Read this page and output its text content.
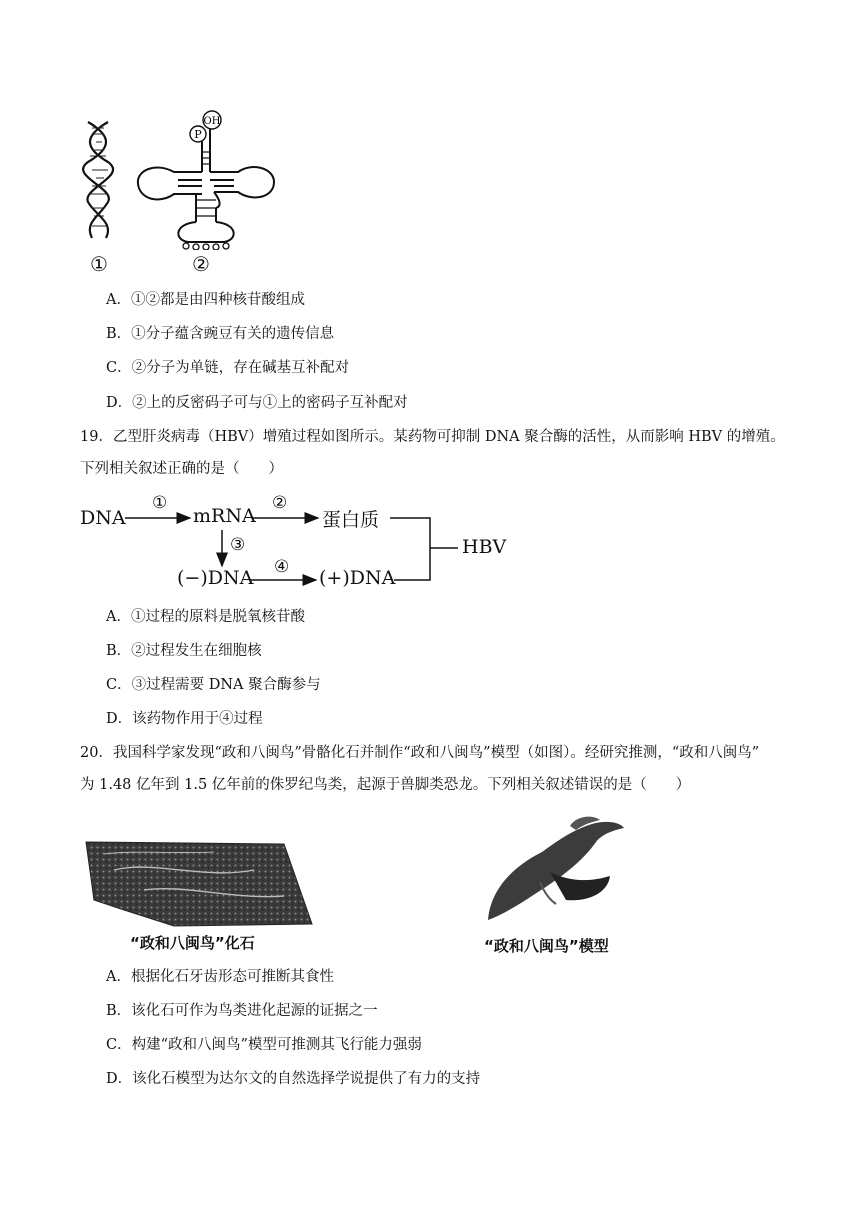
P
OH
①	②
A．①②都是由四种核苷酸组成
B．①分子蕴含豌豆有关的遗传信息
C．②分子为单链，存在碱基互补配对
D．②上的反密码子可与①上的密码子互补配对
19．乙型肝炎病毒（HBV）增殖过程如图所示。某药物可抑制 DNA 聚合酶的活性，从而影响 HBV 的增殖。
下列相关叙述正确的是（　　）
DNA	mRNA	蛋白质
(−)DNA	(+)DNA
HBV
①	②
③
④
A．①过程的原料是脱氧核苷酸
B．②过程发生在细胞核
C．③过程需要 DNA 聚合酶参与
D．该药物作用于④过程
20．我国科学家发现“政和八闽鸟”骨骼化石并制作“政和八闽鸟”模型（如图）。经研究推测，“政和八闽鸟”
为 1.48 亿年到 1.5 亿年前的侏罗纪鸟类，起源于兽脚类恐龙。下列相关叙述错误的是（　　）
“政和八闽鸟”化石	“政和八闽鸟”模型
A．根据化石牙齿形态可推断其食性
B．该化石可作为鸟类进化起源的证据之一
C．构建“政和八闽鸟”模型可推测其飞行能力强弱
D．该化石模型为达尔文的自然选择学说提供了有力的支持
